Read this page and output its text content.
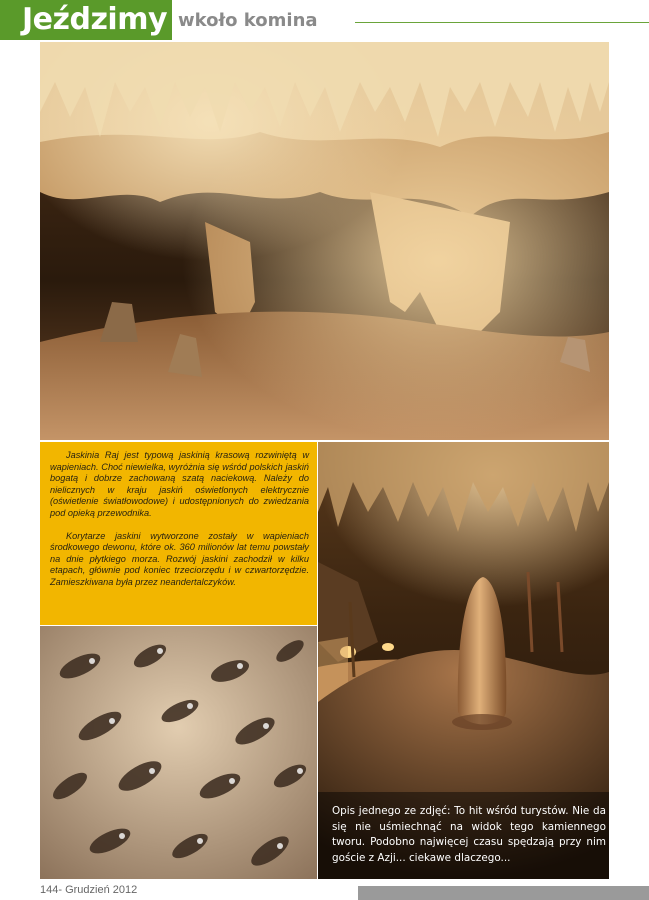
Jeździmy wkoło komina

Jaskinia Raj jest typową jaskinią krasową rozwiniętą w wapieniach. Choć niewielka, wyróżnia się wśród polskich jaskiń bogatą i dobrze zachowaną szatą naciekową. Należy do nielicznych w kraju jaskiń oświetlonych elektrycznie (oświetlenie światłowodowe) i udostępnionych do zwiedzania pod opieką przewodnika.

Korytarze jaskini wytworzone zostały w wapieniach środkowego dewonu, które ok. 360 milionów lat temu powstały na dnie płytkiego morza. Rozwój jaskini zachodził w kilku etapach, głównie pod koniec trzeciorzędu i w czwartorzędzie. Zamieszkiwana była przez neandertalczyków.

Opis jednego ze zdjęć: To hit wśród turystów. Nie da się nie uśmiechnąć na widok tego kamiennego tworu. Podobno najwięcej czasu spędzają przy nim goście z Azji... ciekawe dlaczego...
144- Grudzień 2012
